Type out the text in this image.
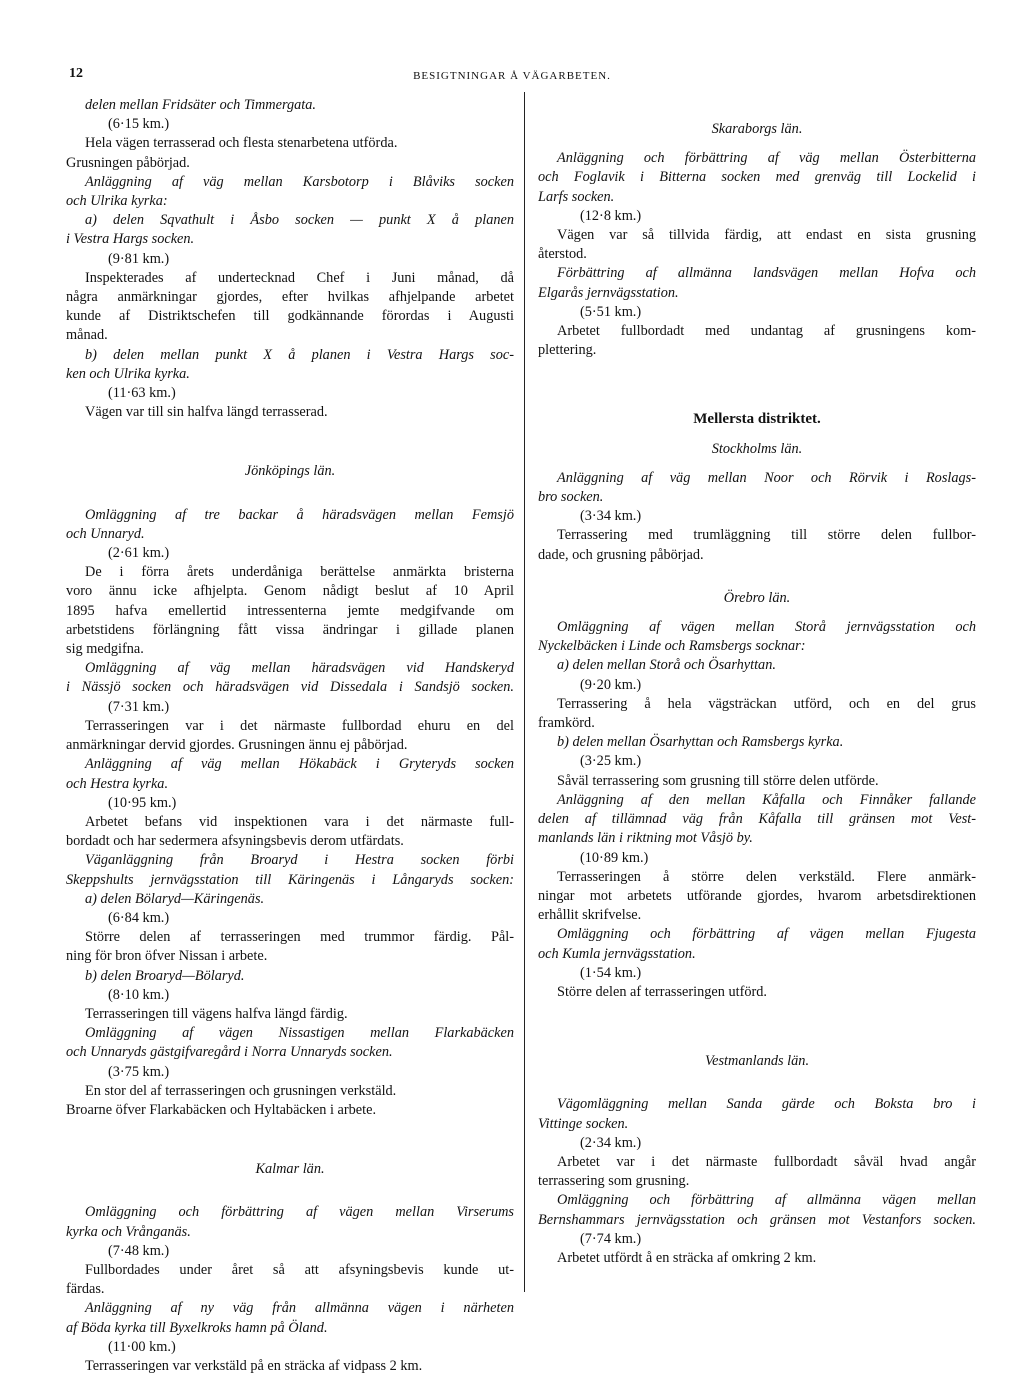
12	BESIGTNINGAR Å VÄGARBETEN.
delen mellan Fridsäter och Timmergata.
(6·15 km.)
Hela vägen terrasserad och flesta stenarbetena utförda.
Grusningen påbörjad.
Anläggning af väg mellan Karsbotorp i Blåviks socken
och Ulrika kyrka:
a) delen Sqvathult i Åsbo socken — punkt X å planen
i Vestra Hargs socken.
(9·81 km.)
Inspekterades af undertecknad Chef i Juni månad, då
några anmärkningar gjordes, efter hvilkas afhjelpande arbetet
kunde af Distriktschefen till godkännande förordas i Augusti
månad.
b) delen mellan punkt X å planen i Vestra Hargs soc-
ken och Ulrika kyrka.
(11·63 km.)
Vägen var till sin halfva längd terrasserad.
Jönköpings län.
Omläggning af tre backar å häradsvägen mellan Femsjö
och Unnaryd.
(2·61 km.)
De i förra årets underdåniga berättelse anmärkta bristerna
voro ännu icke afhjelpta. Genom nådigt beslut af 10 April
1895 hafva emellertid intressenterna jemte medgifvande om
arbetstidens förlängning fått vissa ändringar i gillade planen
sig medgifna.
Omläggning af väg mellan häradsvägen vid Handskeryd
i Nässjö socken och häradsvägen vid Dissedala i Sandsjö socken.
(7·31 km.)
Terrasseringen var i det närmaste fullbordad ehuru en del
anmärkningar dervid gjordes. Grusningen ännu ej påbörjad.
Anläggning af väg mellan Hökabäck i Gryteryds socken
och Hestra kyrka.
(10·95 km.)
Arbetet befans vid inspektionen vara i det närmaste full-
bordadt och har sedermera afsyningsbevis derom utfärdats.
Väganläggning från Broaryd i Hestra socken förbi
Skeppshults jernvägsstation till Käringenäs i Långaryds socken:
a) delen Bölaryd—Käringenäs.
(6·84 km.)
Större delen af terrasseringen med trummor färdig. Pål-
ning för bron öfver Nissan i arbete.
b) delen Broaryd—Bölaryd.
(8·10 km.)
Terrasseringen till vägens halfva längd färdig.
Omläggning af vägen Nissastigen mellan Flarkabäcken
och Unnaryds gästgifvaregård i Norra Unnaryds socken.
(3·75 km.)
En stor del af terrasseringen och grusningen verkstäld.
Broarne öfver Flarkabäcken och Hyltabäcken i arbete.
Kalmar län.
Omläggning och förbättring af vägen mellan Virserums
kyrka och Vrånganäs.
(7·48 km.)
Fullbordades under året så att afsyningsbevis kunde ut-
färdas.
Anläggning af ny väg från allmänna vägen i närheten
af Böda kyrka till Byxelkroks hamn på Öland.
(11·00 km.)
Terrasseringen var verkstäld på en sträcka af vidpass 2 km.
Skaraborgs län.
Anläggning och förbättring af väg mellan Österbitterna
och Foglavik i Bitterna socken med grenväg till Lockelid i
Larfs socken.
(12·8 km.)
Vägen var så tillvida färdig, att endast en sista grusning
återstod.
Förbättring af allmänna landsvägen mellan Hofva och
Elgarås jernvägsstation.
(5·51 km.)
Arbetet fullbordadt med undantag af grusningens kom-
plettering.
Mellersta distriktet.
Stockholms län.
Anläggning af väg mellan Noor och Rörvik i Roslags-
bro socken.
(3·34 km.)
Terrassering med trumläggning till större delen fullbor-
dade, och grusning påbörjad.
Örebro län.
Omläggning af vägen mellan Storå jernvägsstation och
Nyckelbäcken i Linde och Ramsbergs socknar:
a) delen mellan Storå och Ösarhyttan.
(9·20 km.)
Terrassering å hela vägsträckan utförd, och en del grus
framkörd.
b) delen mellan Ösarhyttan och Ramsbergs kyrka.
(3·25 km.)
Såväl terrassering som grusning till större delen utförde.
Anläggning af den mellan Kåfalla och Finnåker fallande
delen af tillämnad väg från Kåfalla till gränsen mot Vest-
manlands län i riktning mot Våsjö by.
(10·89 km.)
Terrasseringen å större delen verkstäld. Flere anmärk-
ningar mot arbetets utförande gjordes, hvarom arbetsdirektionen
erhållit skrifvelse.
Omläggning och förbättring af vägen mellan Fjugesta
och Kumla jernvägsstation.
(1·54 km.)
Större delen af terrasseringen utförd.
Vestmanlands län.
Vägomläggning mellan Sanda gärde och Boksta bro i
Vittinge socken.
(2·34 km.)
Arbetet var i det närmaste fullbordadt såväl hvad angår
terrassering som grusning.
Omläggning och förbättring af allmänna vägen mellan
Bernshammars jernvägsstation och gränsen mot Vestanfors socken.
(7·74 km.)
Arbetet utfördt å en sträcka af omkring 2 km.
